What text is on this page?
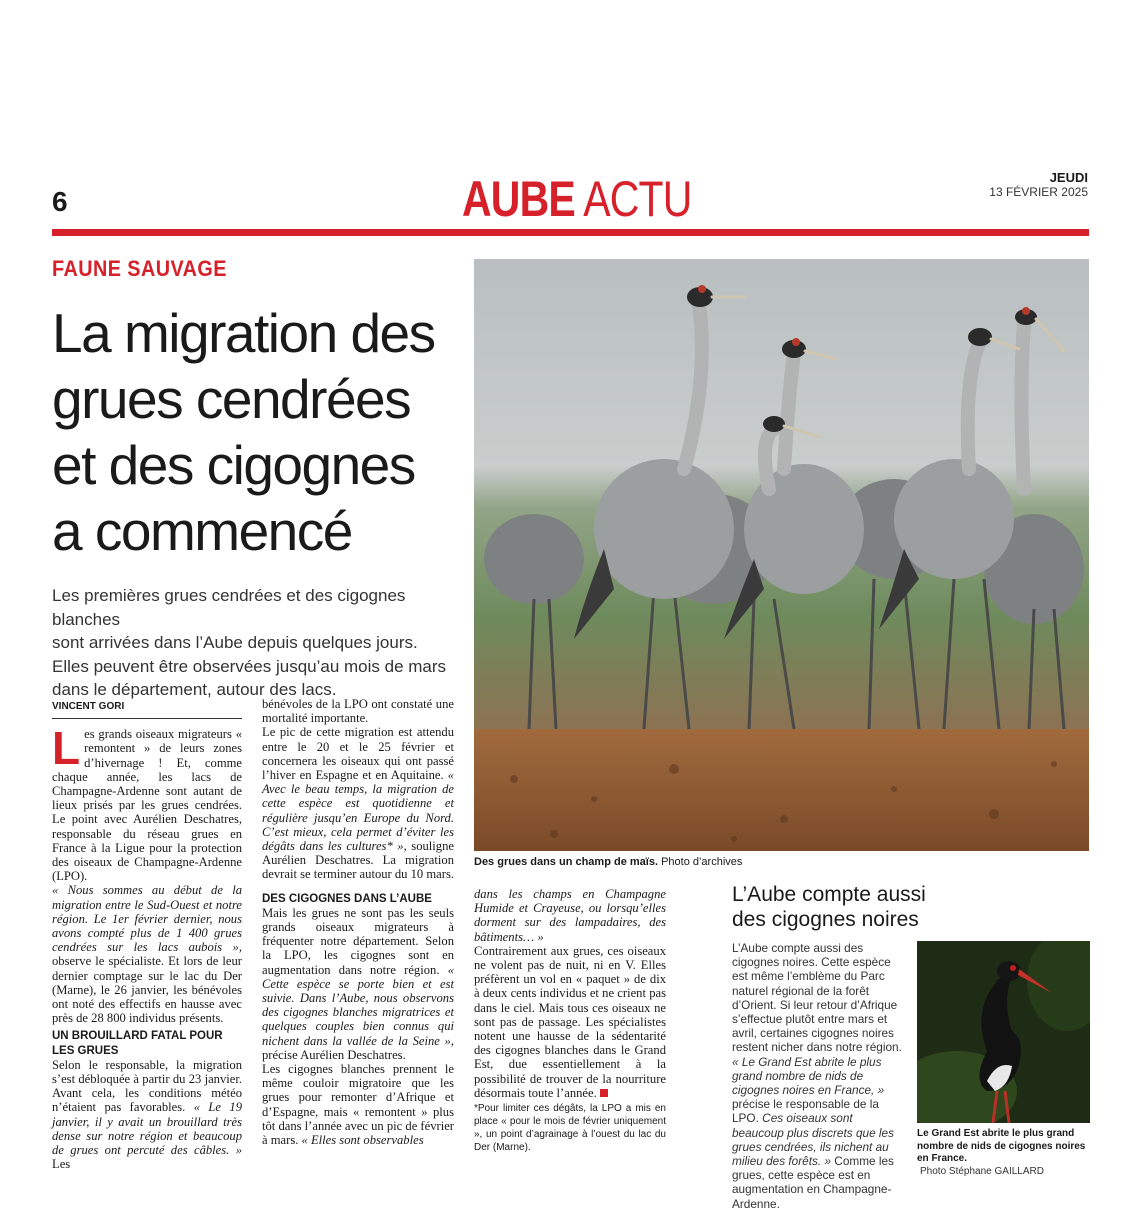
6	AUBE ACTU	JEUDI
13 FÉVRIER 2025
FAUNE SAUVAGE
La migration des
grues cendrées
et des cigognes
a commencé
Les premières grues cendrées et des cigognes blanches
sont arrivées dans l’Aube depuis quelques jours.
Elles peuvent être observées jusqu’au mois de mars
dans le département, autour des lacs.
Des grues dans un champ de maïs. Photo d’archives
VINCENT GORI

Les grands oiseaux migrateurs « remontent » de leurs zones d’hivernage ! Et, comme chaque année, les lacs de Champagne-Ardenne sont autant de lieux prisés par les grues cendrées. Le point avec Aurélien Deschatres, responsable du réseau grues en France à la Ligue pour la protection des oiseaux de Champagne-Ardenne (LPO).

« Nous sommes au début de la migration entre le Sud-Ouest et notre région. Le 1er février dernier, nous avons compté plus de 1 400 grues cendrées sur les lacs aubois », observe le spécialiste. Et lors de leur dernier comptage sur le lac du Der (Marne), le 26 janvier, les bénévoles ont noté des effectifs en hausse avec près de 28 800 individus présents.

UN BROUILLARD FATAL POUR LES GRUES

Selon le responsable, la migration s’est débloquée à partir du 23 janvier. Avant cela, les conditions météo n’étaient pas favorables. « Le 19 janvier, il y avait un brouillard très dense sur notre région et beaucoup de grues ont percuté des câbles. » Les

bénévoles de la LPO ont constaté une mortalité importante.

Le pic de cette migration est attendu entre le 20 et le 25 février et concernera les oiseaux qui ont passé l’hiver en Espagne et en Aquitaine. « Avec le beau temps, la migration de cette espèce est quotidienne et régulière jusqu’en Europe du Nord. C’est mieux, cela permet d’éviter les dégâts dans les cultures* », souligne Aurélien Deschatres. La migration devrait se terminer autour du 10 mars.

DES CIGOGNES DANS L’AUBE

Mais les grues ne sont pas les seuls grands oiseaux migrateurs à fréquenter notre département. Selon la LPO, les cigognes sont en augmentation dans notre région. « Cette espèce se porte bien et est suivie. Dans l’Aube, nous observons des cigognes blanches migratrices et quelques couples bien connus qui nichent dans la vallée de la Seine », précise Aurélien Deschatres.

Les cigognes blanches prennent le même couloir migratoire que les grues pour remonter d’Afrique et d’Espagne, mais « remontent » plus tôt dans l’année avec un pic de février à mars. « Elles sont observables

dans les champs en Champagne Humide et Crayeuse, ou lorsqu’elles dorment sur des lampadaires, des bâtiments… »

Contrairement aux grues, ces oiseaux ne volent pas de nuit, ni en V. Elles préfèrent un vol en « paquet » de dix à deux cents individus et ne crient pas dans le ciel. Mais tous ces oiseaux ne sont pas de passage. Les spécialistes notent une hausse de la sédentarité des cigognes blanches dans le Grand Est, due essentiellement à la possibilité de trouver de la nourriture désormais toute l’année.

*Pour limiter ces dégâts, la LPO a mis en place « pour le mois de février uniquement », un point d’agrainage à l’ouest du lac du Der (Marne).

L’Aube compte aussi
des cigognes noires

L’Aube compte aussi des cigognes noires. Cette espèce est même l’emblème du Parc naturel régional de la forêt d’Orient. Si leur retour d’Afrique s’effectue plutôt entre mars et avril, certaines cigognes noires restent nicher dans notre région. « Le Grand Est abrite le plus grand nombre de nids de cigognes noires en France, » précise le responsable de la LPO. Ces oiseaux sont beaucoup plus discrets que les grues cendrées, ils nichent au milieu des forêts. » Comme les grues, cette espèce est en augmentation en Champagne-Ardenne.

Le Grand Est abrite le plus grand nombre de nids de cigognes noires en France.
Photo Stéphane GAILLARD
